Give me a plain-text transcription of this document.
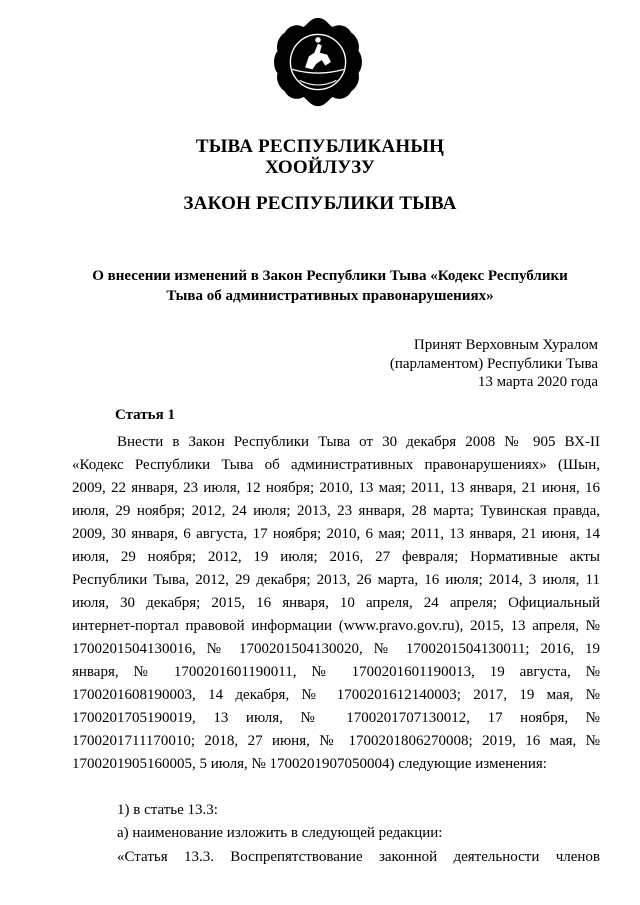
ТЫВА РЕСПУБЛИКАНЫҢ
ХООЙЛУЗУ
ЗАКОН РЕСПУБЛИКИ ТЫВА
О внесении изменений в Закон Республики Тыва «Кодекс Республики
Тыва об административных правонарушениях»
Принят Верховным Хуралом
(парламентом) Республики Тыва
13 марта 2020 года
Статья 1
Внести в Закон Республики Тыва от 30 декабря 2008 № 905 ВХ-II
«Кодекс Республики Тыва об административных правонарушениях» (Шын,
2009, 22 января, 23 июля, 12 ноября; 2010, 13 мая; 2011, 13 января, 21 июня, 16
июля, 29 ноября; 2012, 24 июля; 2013, 23 января, 28 марта; Тувинская правда,
2009, 30 января, 6 августа, 17 ноября; 2010, 6 мая; 2011, 13 января, 21 июня, 14
июля, 29 ноября; 2012, 19 июля; 2016, 27 февраля; Нормативные акты
Республики Тыва, 2012, 29 декабря; 2013, 26 марта, 16 июля; 2014, 3 июля, 11
июля, 30 декабря; 2015, 16 января, 10 апреля, 24 апреля; Официальный
интернет-портал правовой информации (www.pravo.gov.ru), 2015, 13 апреля, №
1700201504130016, № 1700201504130020, № 1700201504130011; 2016, 19
января, № 1700201601190011, № 1700201601190013, 19 августа, №
1700201608190003, 14 декабря, № 1700201612140003; 2017, 19 мая, №
1700201705190019, 13 июля, № 1700201707130012, 17 ноября, №
1700201711170010; 2018, 27 июня, № 1700201806270008; 2019, 16 мая, №
1700201905160005, 5 июля, № 1700201907050004) следующие изменения:
1) в статье 13.3:
а) наименование изложить в следующей редакции:
«Статья 13.3. Воспрепятствование законной деятельности членов
